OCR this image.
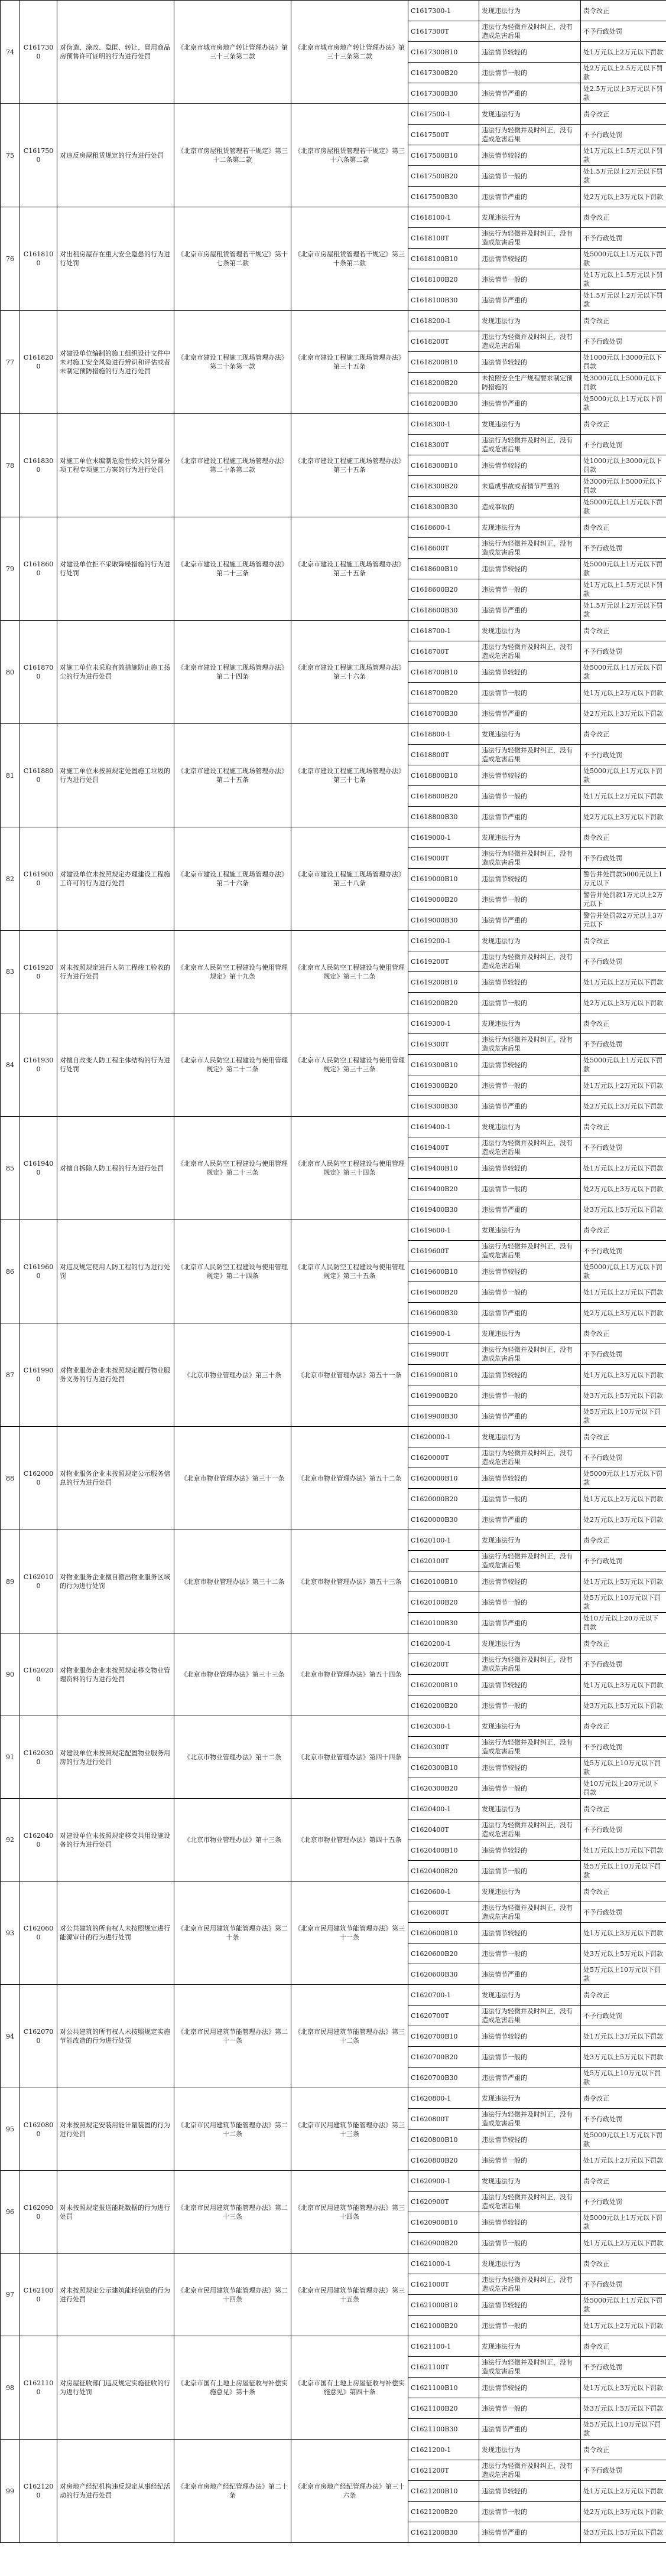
74	C1617300	对伪造、涂改、隐匿、转让、冒用商品房预售许可证明的行为进行处罚	《北京市城市房地产转让管理办法》第三十三条第二款	《北京市城市房地产转让管理办法》第三十三条第二款	C1617300-1	发现违法行为	责令改正
					C1617300T	违法行为轻微并及时纠正，没有造成危害后果	不予行政处罚
					C1617300B10	违法情节较轻的	处1万元以上2万元以下罚款
					C1617300B20	违法情节一般的	处2万元以上2.5万元以下罚款
					C1617300B30	违法情节严重的	处2.5万元以上3万元以下罚款
75	C1617500	对违反房屋租赁规定的行为进行处罚	《北京市房屋租赁管理若干规定》第三十二条第二款	《北京市房屋租赁管理若干规定》第三十六条第二款	C1617500-1	发现违法行为	责令改正
					C1617500T	违法行为轻微并及时纠正，没有造成危害后果	不予行政处罚
					C1617500B10	违法情节较轻的	处1万元以上1.5万元以下罚款
					C1617500B20	违法情节一般的	处1.5万元以上2万元以下罚款
					C1617500B30	违法情节严重的	处2万元以上3万元以下罚款
76	C1618100	对出租房屋存在重大安全隐患的行为进行处罚	《北京市房屋租赁管理若干规定》第十七条第二款	《北京市房屋租赁管理若干规定》第三十条第二款	C1618100-1	发现违法行为	责令改正
					C1618100T	违法行为轻微并及时纠正，没有造成危害后果	不予行政处罚
					C1618100B10	违法情节较轻的	处5000元以上1万元以下罚款
					C1618100B20	违法情节一般的	处1万元以上1.5万元以下罚款
					C1618100B30	违法情节严重的	处1.5万元以上2万元以下罚款
77	C1618200	对建设单位编制的施工组织设计文件中未对施工安全风险进行辨识和评估或者未制定预防措施的行为进行处罚	《北京市建设工程施工现场管理办法》第二十条第一款	《北京市建设工程施工现场管理办法》第三十五条	C1618200-1	发现违法行为	责令改正
					C1618200T	违法行为轻微并及时纠正，没有造成危害后果	不予行政处罚
					C1618200B10	违法情节较轻的	处1000元以上3000元以下罚款
					C1618200B20	未按照安全生产规程要求制定预防措施的	处3000元以上5000元以下罚款
					C1618200B30	违法情节严重的	处5000元以上1万元以下罚款
78	C1618300	对施工单位未编制危险性较大的分部分项工程专项施工方案的行为进行处罚	《北京市建设工程施工现场管理办法》第二十条第二款	《北京市建设工程施工现场管理办法》第三十五条	C1618300-1	发现违法行为	责令改正
					C1618300T	违法行为轻微并及时纠正，没有造成危害后果	不予行政处罚
					C1618300B10	违法情节较轻的	处1000元以上3000元以下罚款
					C1618300B20	未造成事故或者情节严重的	处3000元以上5000元以下罚款
					C1618300B30	造成事故的	处5000元以上1万元以下罚款
79	C1618600	对建设单位拒不采取降噪措施的行为进行处罚	《北京市建设工程施工现场管理办法》第二十三条	《北京市建设工程施工现场管理办法》第三十五条	C1618600-1	发现违法行为	责令改正
					C1618600T	违法行为轻微并及时纠正，没有造成危害后果	不予行政处罚
					C1618600B10	违法情节较轻的	处5000元以上1万元以下罚款
					C1618600B20	违法情节一般的	处1万元以上1.5万元以下罚款
					C1618600B30	违法情节严重的	处1.5万元以上2万元以下罚款
80	C1618700	对施工单位未采取有效措施防止施工扬尘的行为进行处罚	《北京市建设工程施工现场管理办法》第二十四条	《北京市建设工程施工现场管理办法》第三十六条	C1618700-1	发现违法行为	责令改正
					C1618700T	违法行为轻微并及时纠正，没有造成危害后果	不予行政处罚
					C1618700B10	违法情节较轻的	处5000元以上1万元以下罚款
					C1618700B20	违法情节一般的	处1万元以上2万元以下罚款
					C1618700B30	违法情节严重的	处2万元以上3万元以下罚款
81	C1618800	对施工单位未按照规定处置施工垃圾的行为进行处罚	《北京市建设工程施工现场管理办法》第二十五条	《北京市建设工程施工现场管理办法》第三十七条	C1618800-1	发现违法行为	责令改正
					C1618800T	违法行为轻微并及时纠正，没有造成危害后果	不予行政处罚
					C1618800B10	违法情节较轻的	处5000元以上1万元以下罚款
					C1618800B20	违法情节一般的	处1万元以上2万元以下罚款
					C1618800B30	违法情节严重的	处2万元以上3万元以下罚款
82	C1619000	对建设单位未按照规定办理建设工程施工许可的行为进行处罚	《北京市建设工程施工现场管理办法》第二十六条	《北京市建设工程施工现场管理办法》第三十八条	C1619000-1	发现违法行为	责令改正
					C1619000T	违法行为轻微并及时纠正，没有造成危害后果	不予行政处罚
					C1619000B10	违法情节较轻的	警告并处罚款5000元以上1万元以下
					C1619000B20	违法情节一般的	警告并处罚款1万元以上2万元以下
					C1619000B30	违法情节严重的	警告并处罚款2万元以上3万元以下
83	C1619200	对未按照规定进行人防工程竣工验收的行为进行处罚	《北京市人民防空工程建设与使用管理规定》第十九条	《北京市人民防空工程建设与使用管理规定》第三十二条	C1619200-1	发现违法行为	责令改正
					C1619200T	违法行为轻微并及时纠正，没有造成危害后果	不予行政处罚
					C1619200B10	违法情节较轻的	处1万元以上2万元以下罚款
					C1619200B20	违法情节一般的	处2万元以上3万元以下罚款
84	C1619300	对擅自改变人防工程主体结构的行为进行处罚	《北京市人民防空工程建设与使用管理规定》第二十二条	《北京市人民防空工程建设与使用管理规定》第三十三条	C1619300-1	发现违法行为	责令改正
					C1619300T	违法行为轻微并及时纠正，没有造成危害后果	不予行政处罚
					C1619300B10	违法情节较轻的	处5000元以上1万元以下罚款
					C1619300B20	违法情节一般的	处1万元以上2万元以下罚款
					C1619300B30	违法情节严重的	处2万元以上3万元以下罚款
85	C1619400	对擅自拆除人防工程的行为进行处罚	《北京市人民防空工程建设与使用管理规定》第二十三条	《北京市人民防空工程建设与使用管理规定》第三十四条	C1619400-1	发现违法行为	责令改正
					C1619400T	违法行为轻微并及时纠正，没有造成危害后果	不予行政处罚
					C1619400B10	违法情节较轻的	处1万元以上2万元以下罚款
					C1619400B20	违法情节一般的	处2万元以上3万元以下罚款
					C1619400B30	违法情节严重的	处3万元以上5万元以下罚款
86	C1619600	对违反规定使用人防工程的行为进行处罚	《北京市人民防空工程建设与使用管理规定》第二十四条	《北京市人民防空工程建设与使用管理规定》第三十五条	C1619600-1	发现违法行为	责令改正
					C1619600T	违法行为轻微并及时纠正，没有造成危害后果	不予行政处罚
					C1619600B10	违法情节较轻的	处5000元以上1万元以下罚款
					C1619600B20	违法情节一般的	处1万元以上2万元以下罚款
					C1619600B30	违法情节严重的	处2万元以上3万元以下罚款
87	C1619900	对物业服务企业未按照规定履行物业服务义务的行为进行处罚	《北京市物业管理办法》第三十条	《北京市物业管理办法》第五十一条	C1619900-1	发现违法行为	责令改正
					C1619900T	违法行为轻微并及时纠正，没有造成危害后果	不予行政处罚
					C1619900B10	违法情节较轻的	处1万元以上3万元以下罚款
					C1619900B20	违法情节一般的	处3万元以上5万元以下罚款
					C1619900B30	违法情节严重的	处5万元以上10万元以下罚款
88	C1620000	对物业服务企业未按照规定公示服务信息的行为进行处罚	《北京市物业管理办法》第三十一条	《北京市物业管理办法》第五十二条	C1620000-1	发现违法行为	责令改正
					C1620000T	违法行为轻微并及时纠正，没有造成危害后果	不予行政处罚
					C1620000B10	违法情节较轻的	处5000元以上1万元以下罚款
					C1620000B20	违法情节一般的	处1万元以上2万元以下罚款
					C1620000B30	违法情节严重的	处2万元以上3万元以下罚款
89	C1620100	对物业服务企业擅自撤出物业服务区域的行为进行处罚	《北京市物业管理办法》第三十二条	《北京市物业管理办法》第五十三条	C1620100-1	发现违法行为	责令改正
					C1620100T	违法行为轻微并及时纠正，没有造成危害后果	不予行政处罚
					C1620100B10	违法情节较轻的	处1万元以上5万元以下罚款
					C1620100B20	违法情节一般的	处5万元以上10万元以下罚款
					C1620100B30	违法情节严重的	处10万元以上20万元以下罚款
90	C1620200	对物业服务企业未按照规定移交物业管理资料的行为进行处罚	《北京市物业管理办法》第三十三条	《北京市物业管理办法》第五十四条	C1620200-1	发现违法行为	责令改正
					C1620200T	违法行为轻微并及时纠正，没有造成危害后果	不予行政处罚
					C1620200B10	违法情节较轻的	处1万元以上3万元以下罚款
					C1620200B20	违法情节一般的	处3万元以上5万元以下罚款
91	C1620300	对建设单位未按照规定配置物业服务用房的行为进行处罚	《北京市物业管理办法》第十二条	《北京市物业管理办法》第四十四条	C1620300-1	发现违法行为	责令改正
					C1620300T	违法行为轻微并及时纠正，没有造成危害后果	不予行政处罚
					C1620300B10	违法情节较轻的	处5万元以上10万元以下罚款
					C1620300B20	违法情节一般的	处10万元以上20万元以下罚款
92	C1620400	对建设单位未按照规定移交共用设施设备的行为进行处罚	《北京市物业管理办法》第十三条	《北京市物业管理办法》第四十五条	C1620400-1	发现违法行为	责令改正
					C1620400T	违法行为轻微并及时纠正，没有造成危害后果	不予行政处罚
					C1620400B10	违法情节较轻的	处1万元以上5万元以下罚款
					C1620400B20	违法情节一般的	处5万元以上10万元以下罚款
93	C1620600	对公共建筑的所有权人未按照规定进行能源审计的行为进行处罚	《北京市民用建筑节能管理办法》第二十条	《北京市民用建筑节能管理办法》第三十一条	C1620600-1	发现违法行为	责令改正
					C1620600T	违法行为轻微并及时纠正，没有造成危害后果	不予行政处罚
					C1620600B10	违法情节较轻的	处1万元以上3万元以下罚款
					C1620600B20	违法情节一般的	处3万元以上5万元以下罚款
					C1620600B30	违法情节严重的	处5万元以上10万元以下罚款
94	C1620700	对公共建筑的所有权人未按照规定实施节能改造的行为进行处罚	《北京市民用建筑节能管理办法》第二十一条	《北京市民用建筑节能管理办法》第三十二条	C1620700-1	发现违法行为	责令改正
					C1620700T	违法行为轻微并及时纠正，没有造成危害后果	不予行政处罚
					C1620700B10	违法情节较轻的	处1万元以上3万元以下罚款
					C1620700B20	违法情节一般的	处3万元以上5万元以下罚款
					C1620700B30	违法情节严重的	处5万元以上10万元以下罚款
95	C1620800	对未按照规定安装用能计量装置的行为进行处罚	《北京市民用建筑节能管理办法》第二十二条	《北京市民用建筑节能管理办法》第三十三条	C1620800-1	发现违法行为	责令改正
					C1620800T	违法行为轻微并及时纠正，没有造成危害后果	不予行政处罚
					C1620800B10	违法情节较轻的	处5000元以上1万元以下罚款
					C1620800B20	违法情节一般的	处1万元以上2万元以下罚款
96	C1620900	对未按照规定报送能耗数据的行为进行处罚	《北京市民用建筑节能管理办法》第二十三条	《北京市民用建筑节能管理办法》第三十四条	C1620900-1	发现违法行为	责令改正
					C1620900T	违法行为轻微并及时纠正，没有造成危害后果	不予行政处罚
					C1620900B10	违法情节较轻的	处5000元以上1万元以下罚款
					C1620900B20	违法情节一般的	处1万元以上2万元以下罚款
97	C1621000	对未按照规定公示建筑能耗信息的行为进行处罚	《北京市民用建筑节能管理办法》第二十四条	《北京市民用建筑节能管理办法》第三十五条	C1621000-1	发现违法行为	责令改正
					C1621000T	违法行为轻微并及时纠正，没有造成危害后果	不予行政处罚
					C1621000B10	违法情节较轻的	处5000元以上1万元以下罚款
					C1621000B20	违法情节一般的	处1万元以上2万元以下罚款
98	C1621100	对房屋征收部门违反规定实施征收的行为进行处罚	《北京市国有土地上房屋征收与补偿实施意见》第十条	《北京市国有土地上房屋征收与补偿实施意见》第四十条	C1621100-1	发现违法行为	责令改正
					C1621100T	违法行为轻微并及时纠正，没有造成危害后果	不予行政处罚
					C1621100B10	违法情节较轻的	处1万元以上3万元以下罚款
					C1621100B20	违法情节一般的	处3万元以上5万元以下罚款
					C1621100B30	违法情节严重的	处5万元以上10万元以下罚款
99	C1621200	对房地产经纪机构违反规定从事经纪活动的行为进行处罚	《北京市房地产经纪管理办法》第二十条	《北京市房地产经纪管理办法》第三十六条	C1621200-1	发现违法行为	责令改正
					C1621200T	违法行为轻微并及时纠正，没有造成危害后果	不予行政处罚
					C1621200B10	违法情节较轻的	处1万元以上2万元以下罚款
					C1621200B20	违法情节一般的	处2万元以上3万元以下罚款
					C1621200B30	违法情节严重的	处3万元以上5万元以下罚款
